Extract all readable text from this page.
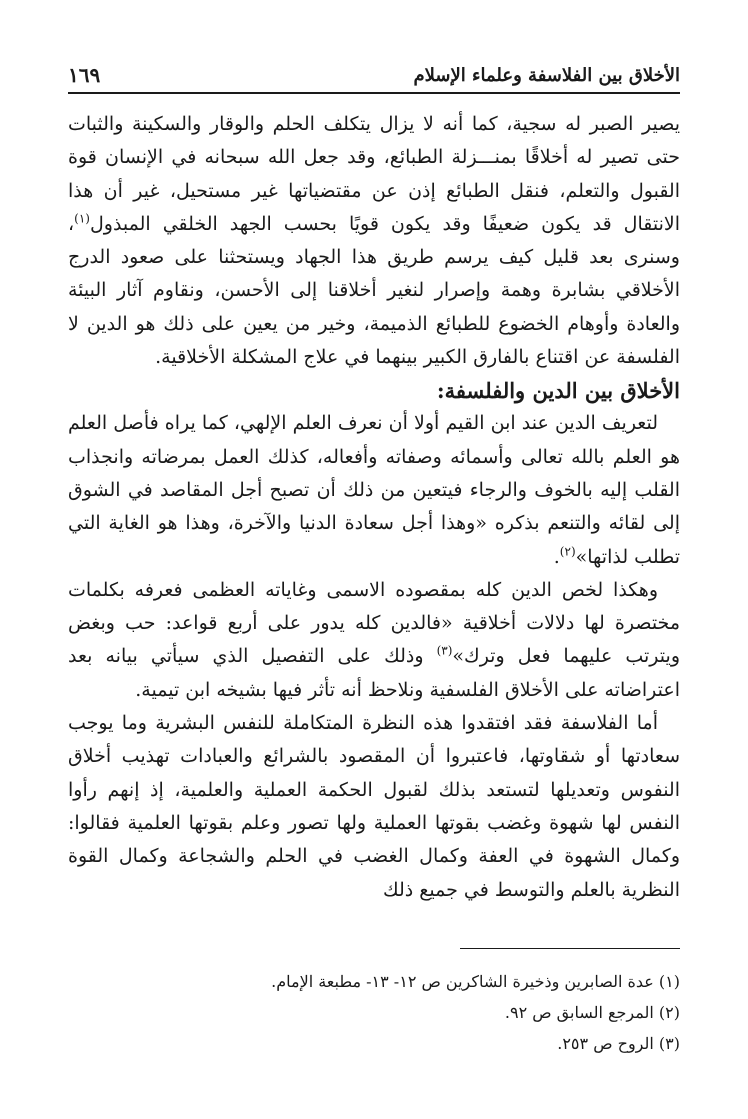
الأخلاق بين الفلاسفة وعلماء الإسلام
١٦٩

يصير الصبر له سجية، كما أنه لا يزال يتكلف الحلم والوقار والسكينة والثبات حتى تصير له أخلاقًا بمنـــزلة الطبائع، وقد جعل الله سبحانه في الإنسان قوة القبول والتعلم، فنقل الطبائع إذن عن مقتضياتها غير مستحيل، غير أن هذا الانتقال قد يكون ضعيفًا وقد يكون قويًا بحسب الجهد الخلقي المبذول$^{(١)}$، وسنرى بعد قليل كيف يرسم طريق هذا الجهاد ويستحثنا على صعود الدرج الأخلاقي بشابرة وهمة وإصرار لنغير أخلاقنا إلى الأحسن، ونقاوم آثار البيئة والعادة وأوهام الخضوع للطبائع الذميمة، وخير من يعين على ذلك هو الدين لا الفلسفة عن اقتناع بالفارق الكبير بينهما في علاج المشكلة الأخلاقية.

الأخلاق بين الدين والفلسفة:

لتعريف الدين عند ابن القيم أولا أن نعرف العلم الإلهي، كما يراه فأصل العلم هو العلم بالله تعالى وأسمائه وصفاته وأفعاله، كذلك العمل بمرضاته وانجذاب القلب إليه بالخوف والرجاء فيتعين من ذلك أن تصبح أجل المقاصد في الشوق إلى لقائه والتنعم بذكره «وهذا أجل سعادة الدنيا والآخرة، وهذا هو الغاية التي تطلب لذاتها»$^{(٢)}$.

وهكذا لخص الدين كله بمقصوده الاسمى وغاياته العظمى فعرفه بكلمات مختصرة لها دلالات أخلاقية «فالدين كله يدور على أربع قواعد: حب وبغض ويترتب عليهما فعل وترك»$^{(٣)}$ وذلك على التفصيل الذي سيأتي بيانه بعد اعتراضاته على الأخلاق الفلسفية ونلاحظ أنه تأثر فيها بشيخه ابن تيمية.

أما الفلاسفة فقد افتقدوا هذه النظرة المتكاملة للنفس البشرية وما يوجب سعادتها أو شقاوتها، فاعتبروا أن المقصود بالشرائع والعبادات تهذيب أخلاق النفوس وتعديلها لتستعد بذلك لقبول الحكمة العملية والعلمية، إذ إنهم رأوا النفس لها شهوة وغضب بقوتها العملية ولها تصور وعلم بقوتها العلمية فقالوا: وكمال الشهوة في العفة وكمال الغضب في الحلم والشجاعة وكمال القوة النظرية بالعلم والتوسط في جميع ذلك

(١) عدة الصابرين وذخيرة الشاكرين ص ١٢- ١٣- مطبعة الإمام.
(٢) المرجع السابق ص ٩٢.
(٣) الروح ص ٢٥٣.
